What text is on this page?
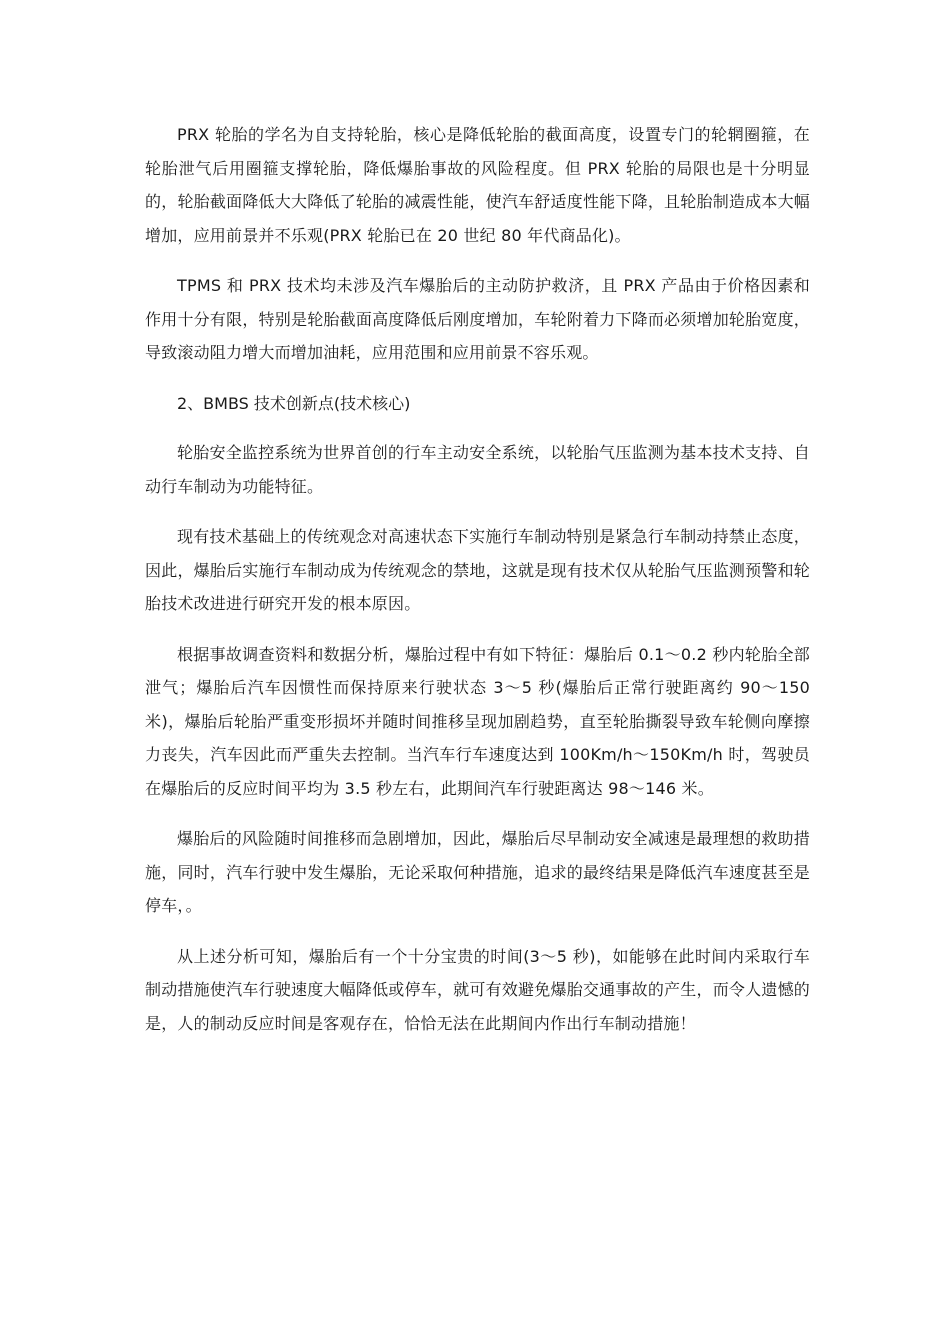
PRX 轮胎的学名为自支持轮胎，核心是降低轮胎的截面高度，设置专门的轮辋圈箍，在轮胎泄气后用圈箍支撑轮胎，降低爆胎事故的风险程度。但 PRX 轮胎的局限也是十分明显的，轮胎截面降低大大降低了轮胎的减震性能，使汽车舒适度性能下降，且轮胎制造成本大幅增加，应用前景并不乐观(PRX 轮胎已在 20 世纪 80 年代商品化)。

TPMS 和 PRX 技术均未涉及汽车爆胎后的主动防护救济，且 PRX 产品由于价格因素和作用十分有限，特别是轮胎截面高度降低后刚度增加，车轮附着力下降而必须增加轮胎宽度，导致滚动阻力增大而增加油耗，应用范围和应用前景不容乐观。

2、BMBS 技术创新点(技术核心)

轮胎安全监控系统为世界首创的行车主动安全系统，以轮胎气压监测为基本技术支持、自动行车制动为功能特征。

现有技术基础上的传统观念对高速状态下实施行车制动特别是紧急行车制动持禁止态度，因此，爆胎后实施行车制动成为传统观念的禁地，这就是现有技术仅从轮胎气压监测预警和轮胎技术改进进行研究开发的根本原因。

根据事故调查资料和数据分析，爆胎过程中有如下特征：爆胎后 0.1～0.2 秒内轮胎全部泄气；爆胎后汽车因惯性而保持原来行驶状态 3～5 秒(爆胎后正常行驶距离约 90～150 米)，爆胎后轮胎严重变形损坏并随时间推移呈现加剧趋势，直至轮胎撕裂导致车轮侧向摩擦力丧失，汽车因此而严重失去控制。当汽车行车速度达到 100Km/h～150Km/h 时，驾驶员在爆胎后的反应时间平均为 3.5 秒左右，此期间汽车行驶距离达 98～146 米。

爆胎后的风险随时间推移而急剧增加，因此，爆胎后尽早制动安全减速是最理想的救助措施，同时，汽车行驶中发生爆胎，无论采取何种措施，追求的最终结果是降低汽车速度甚至是停车，。

从上述分析可知，爆胎后有一个十分宝贵的时间(3～5 秒)，如能够在此时间内采取行车制动措施使汽车行驶速度大幅降低或停车，就可有效避免爆胎交通事故的产生，而令人遗憾的是，人的制动反应时间是客观存在，恰恰无法在此期间内作出行车制动措施！
